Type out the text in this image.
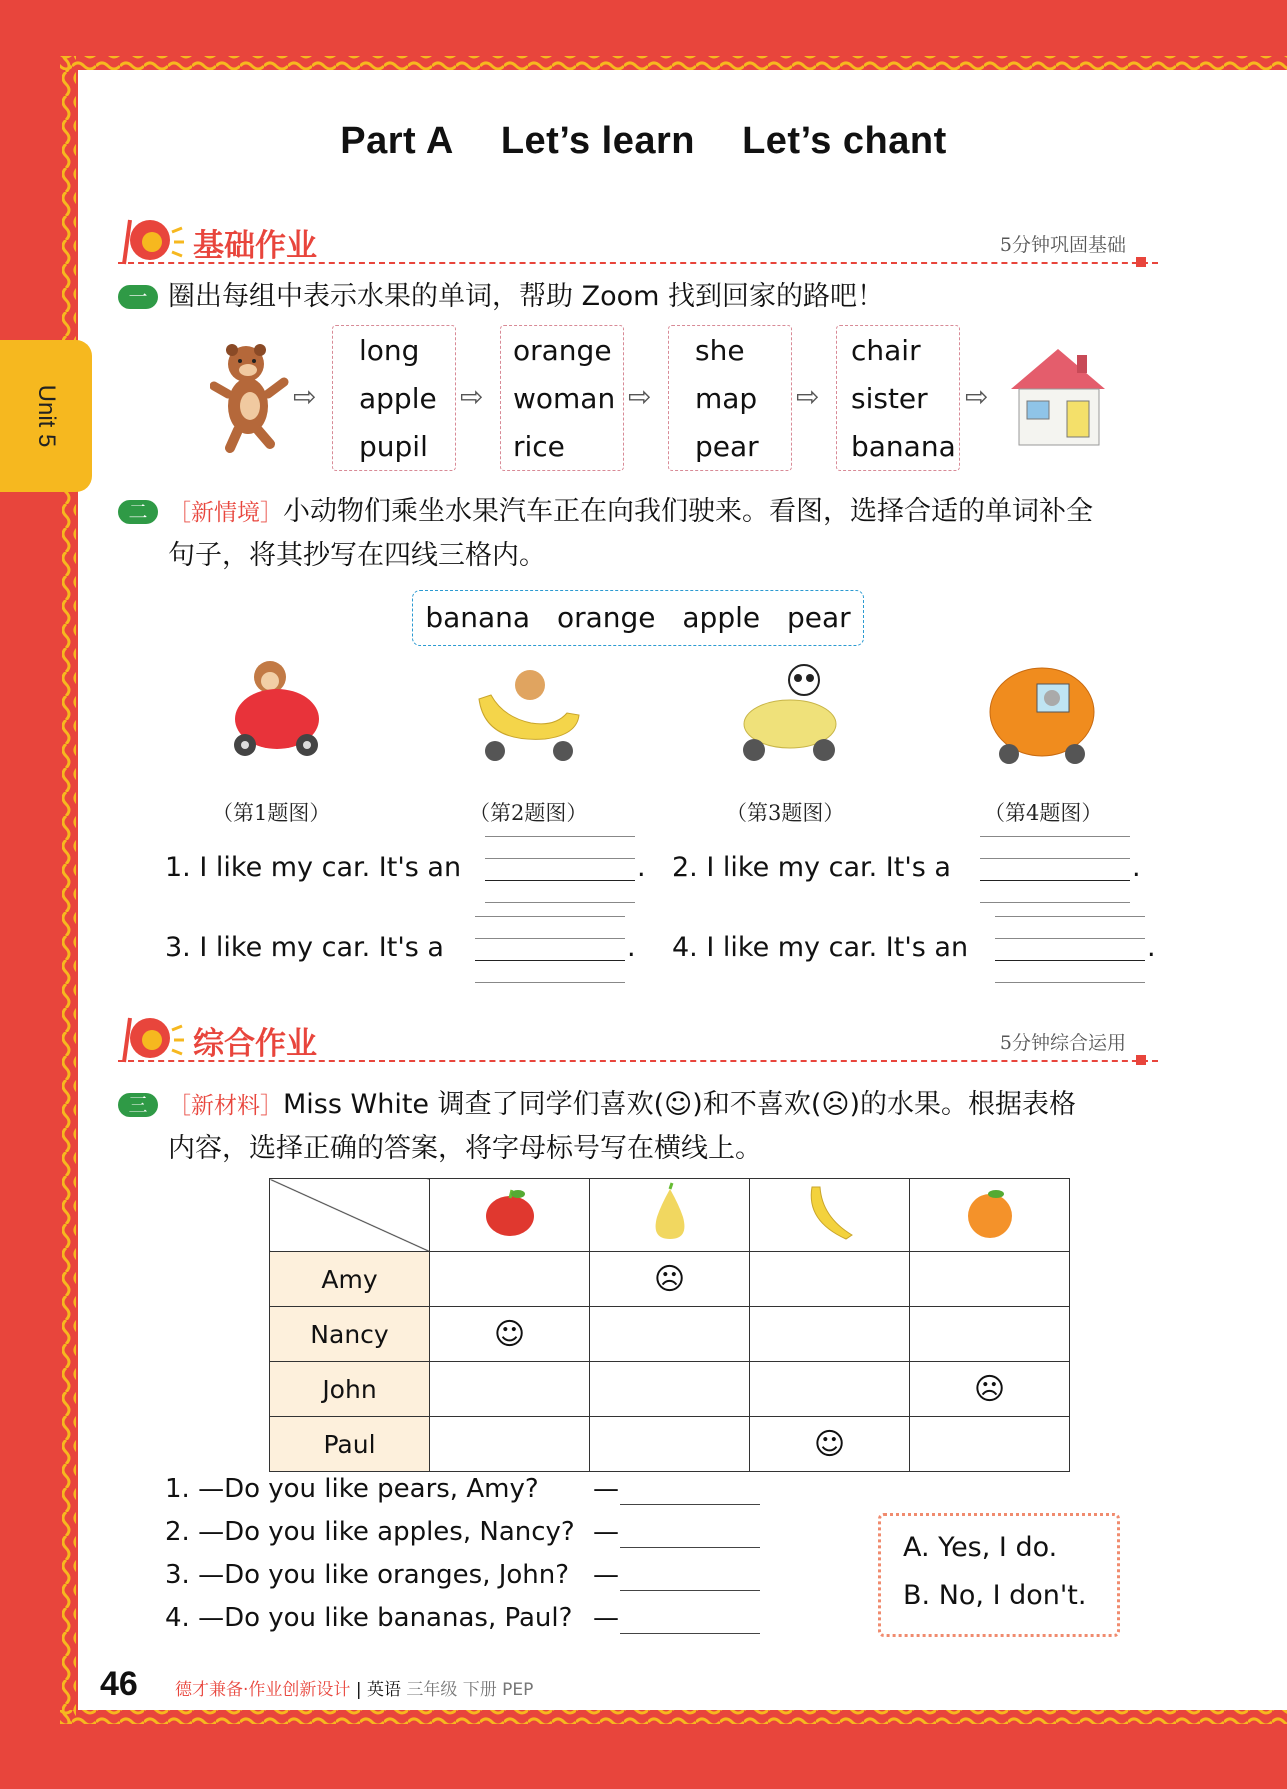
Part A Let’s learn Let’s chant
Unit 5
基础作业	5分钟巩固基础
一 圈出每组中表示水果的单词，帮助 Zoom 找到回家的路吧！
⇨
long
apple
pupil
⇨
orange
woman
rice
⇨
she
map
pear
⇨
chair
sister
banana
⇨
二 ［新情境］小动物们乘坐水果汽车正在向我们驶来。看图，选择合适的单词补全
句子，将其抄写在四线三格内。
banana orange apple pear
（第1题图）	（第2题图）	（第3题图）	（第4题图）
1. I like my car. It's an	. 2. I like my car. It's a	.
3. I like my car. It's a	. 4. I like my car. It's an	.
综合作业	5分钟综合运用
三 ［新材料］Miss White 调查了同学们喜欢(☺)和不喜欢(☹)的水果。根据表格
内容，选择正确的答案，将字母标号写在横线上。

Amy		☹		
Nancy	☺			
John				☹
Paul			☺	
1. —Do you like pears, Amy? —
2. —Do you like apples, Nancy? —
3. —Do you like oranges, John? —
4. —Do you like bananas, Paul? —
A. Yes, I do.
B. No, I don't.
46 德才兼备·作业创新设计 | 英语 三年级 下册 PEP
